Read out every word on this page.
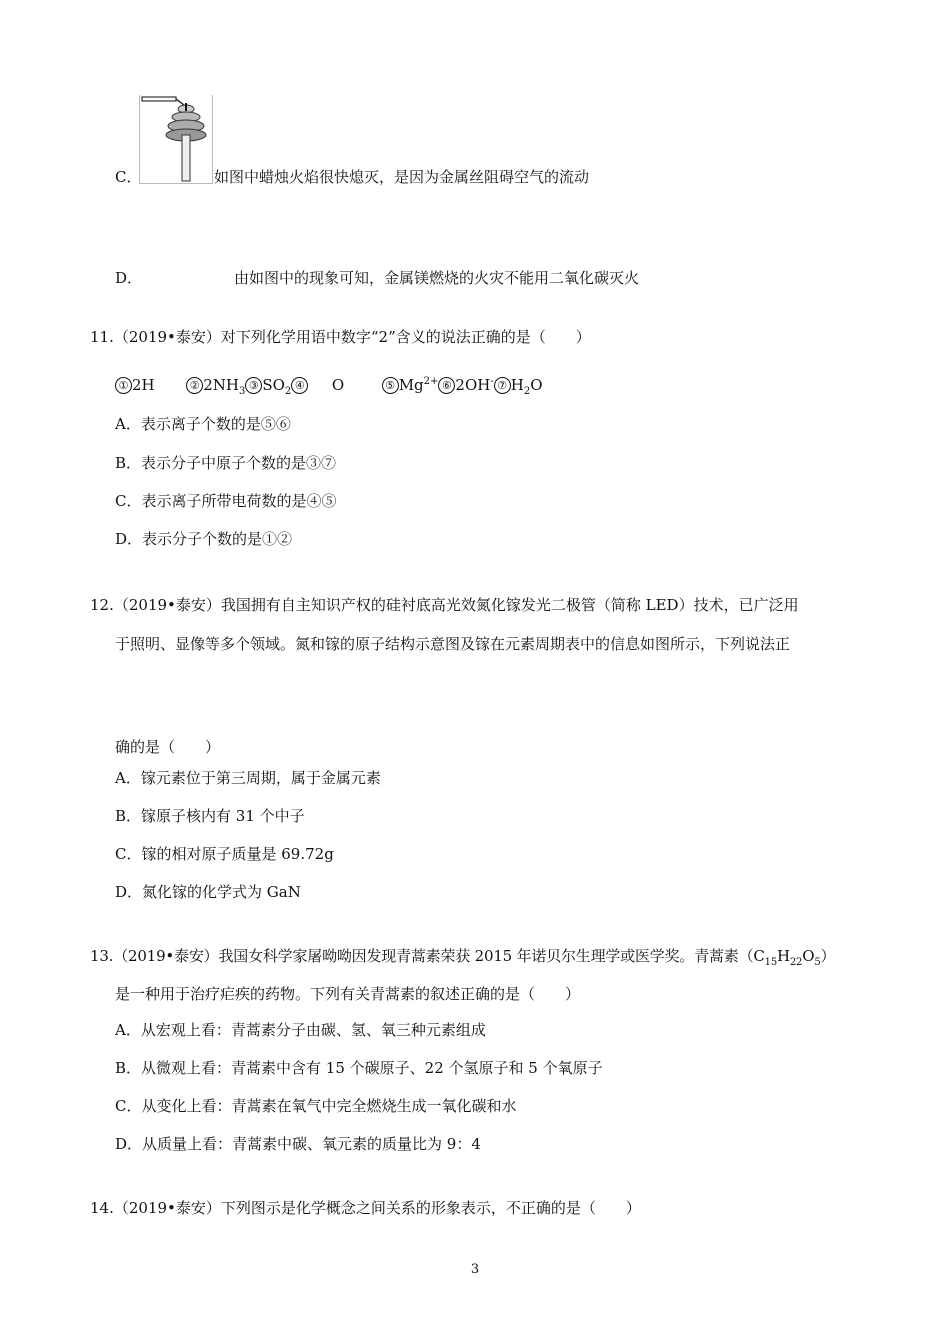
C．	如图中蜡烛火焰很快熄灭，是因为金属丝阻碍空气的流动
D．	由如图中的现象可知，金属镁燃烧的火灾不能用二氧化碳灭火
11.（2019•泰安）对下列化学用语中数字“2”含义的说法正确的是（　　）
① 2H	② $2NH_3$ ③ $SO_2$ ④ O	⑤ $Mg^{2+}$ ⑥ 2OH- ⑦ $H_2O$
A．表示离子个数的是⑤⑥
B．表示分子中原子个数的是③⑦
C．表示离子所带电荷数的是④⑤
D．表示分子个数的是①②
12.（2019•泰安）我国拥有自主知识产权的硅衬底高光效氮化镓发光二极管（简称 LED）技术，已广泛用
于照明、显像等多个领域。氮和镓的原子结构示意图及镓在元素周期表中的信息如图所示，下列说法正
确的是（　　）
A．镓元素位于第三周期，属于金属元素
B．镓原子核内有 31 个中子
C．镓的相对原子质量是 69.72g
D．氮化镓的化学式为 GaN
13.（2019•泰安）我国女科学家屠呦呦因发现青蒿素荣获 2015 年诺贝尔生理学或医学奖。青蒿素$(C_{15}H_{22}O_5)$
是一种用于治疗疟疾的药物。下列有关青蒿素的叙述正确的是（　　）
A．从宏观上看：青蒿素分子由碳、氢、氧三种元素组成
B．从微观上看：青蒿素中含有 15 个碳原子、22 个氢原子和 5 个氧原子
C．从变化上看：青蒿素在氧气中完全燃烧生成一氧化碳和水
D．从质量上看：青蒿素中碳、氧元素的质量比为 9：4
14.（2019•泰安）下列图示是化学概念之间关系的形象表示，不正确的是（　　）
3
